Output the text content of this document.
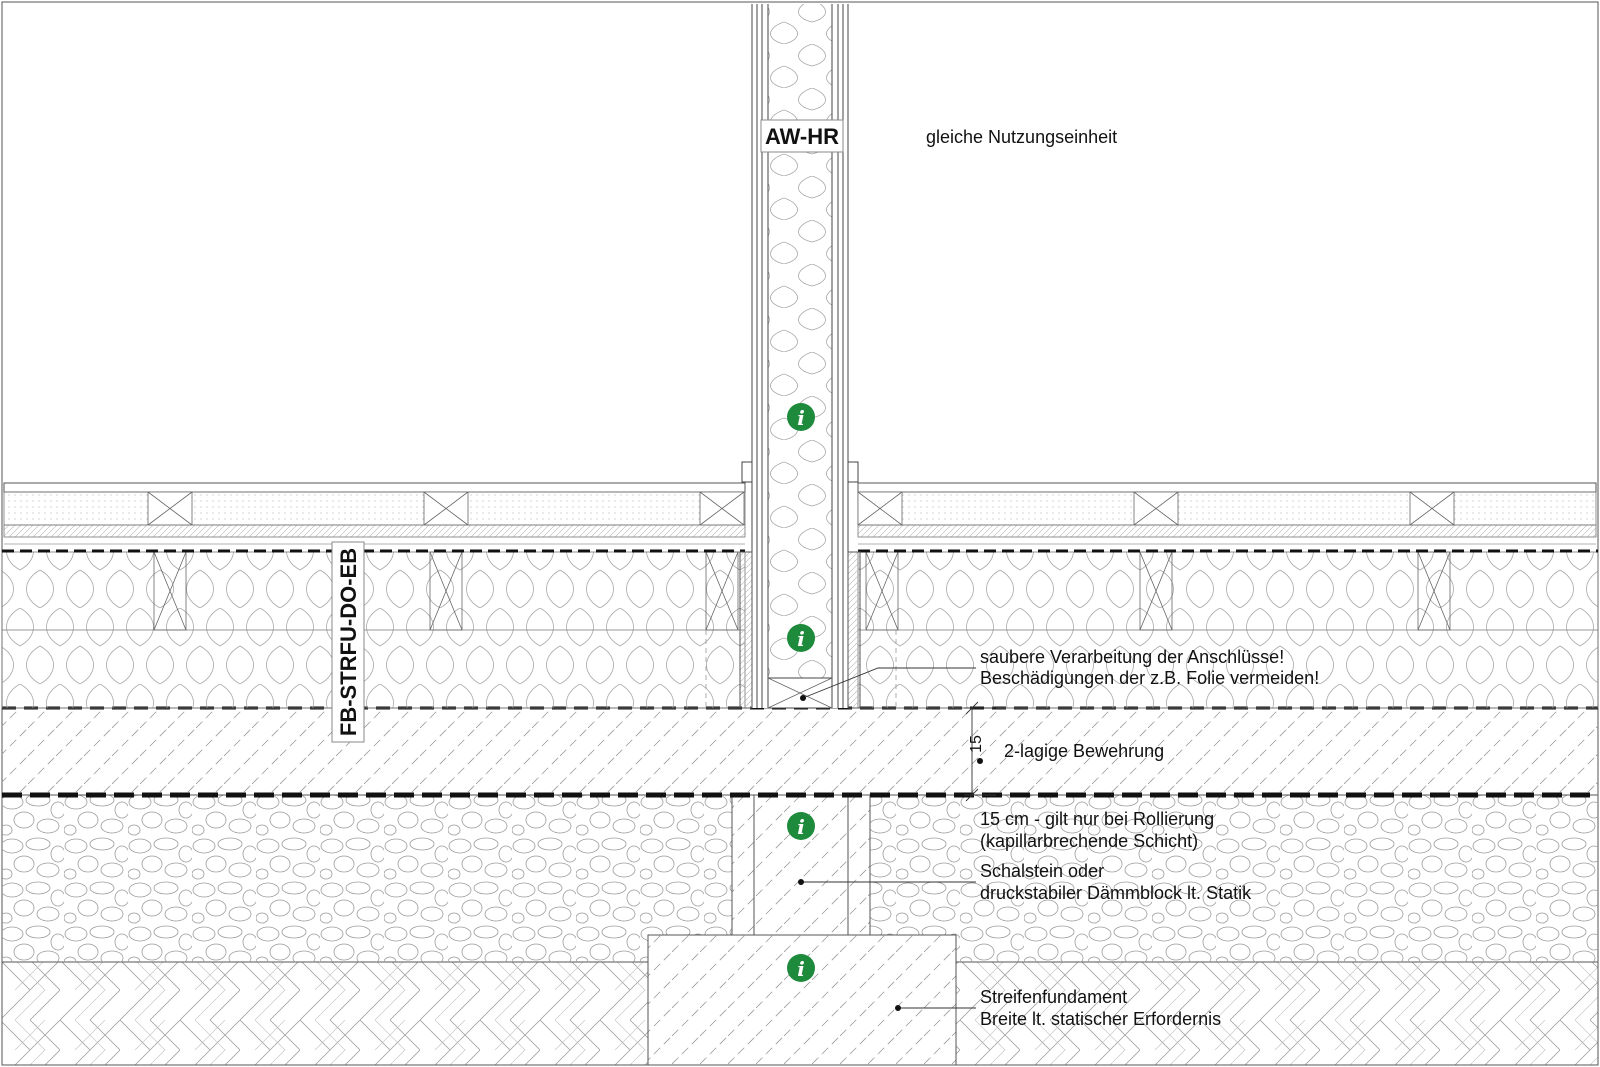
AW-HR
FB-STRFU-DO-EB
gleiche Nutzungseinheit
saubere Verarbeitung der Anschlüsse!
Beschädigungen der z.B. Folie vermeiden!
2-lagige Bewehrung
15 cm - gilt nur bei Rollierung
(kapillarbrechende Schicht)
Schalstein oder
druckstabiler Dämmblock lt. Statik
Streifenfundament
Breite lt. statischer Erfordernis
15
i
i
i
i
